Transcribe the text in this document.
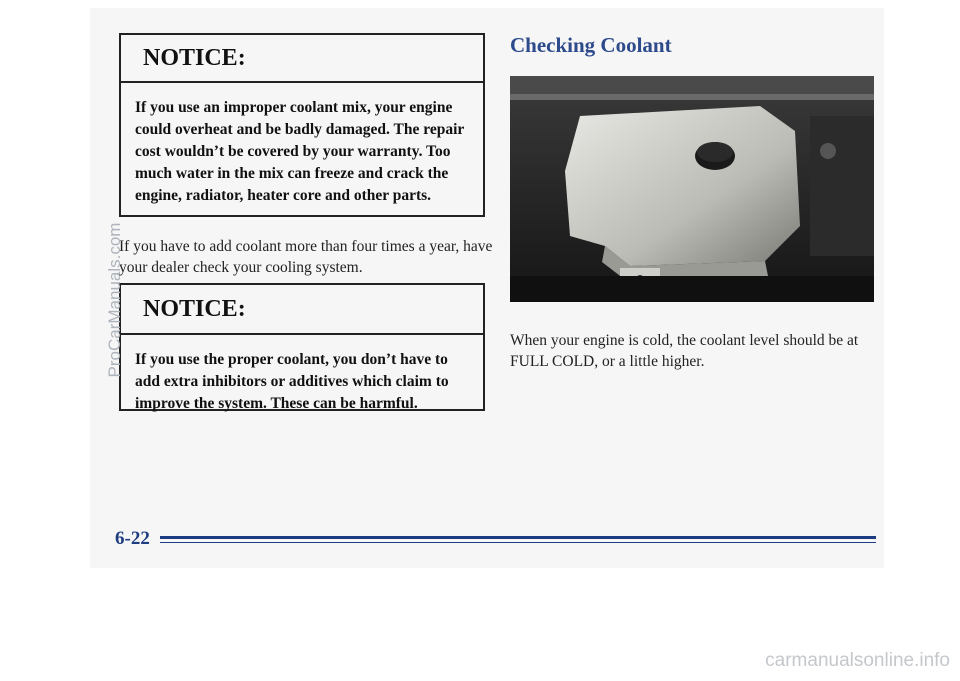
NOTICE:
If you use an improper coolant mix, your engine could overheat and be badly damaged. The repair cost wouldn’t be covered by your warranty. Too much water in the mix can freeze and crack the engine, radiator, heater core and other parts.
If you have to add coolant more than four times a year, have your dealer check your cooling system.
NOTICE:
If you use the proper coolant, you don’t have to add extra inhibitors or additives which claim to improve the system. These can be harmful.
Checking Coolant
When your engine is cold, the coolant level should be at FULL COLD, or a little higher.
6-22
ProCarManuals.com
carmanualsonline.info
